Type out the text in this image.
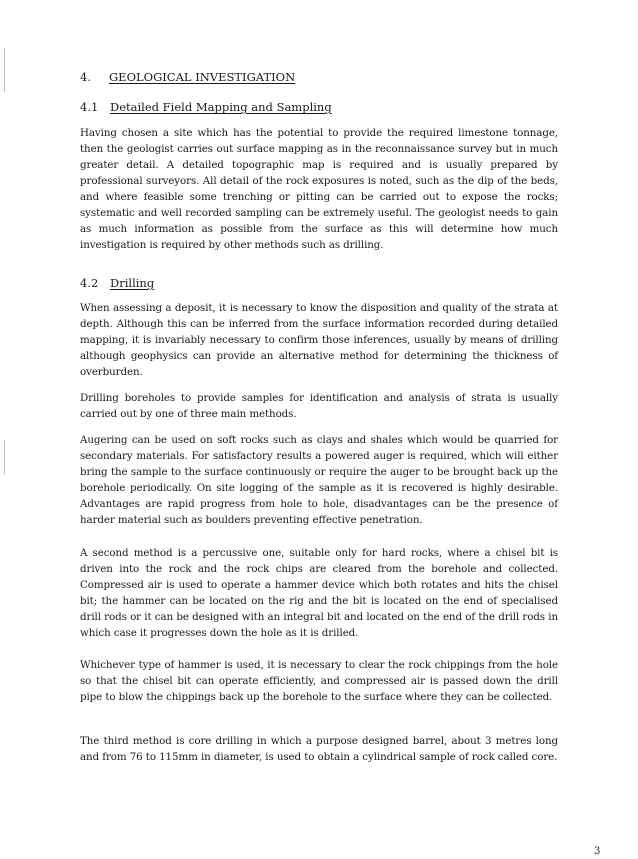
4. GEOLOGICAL INVESTIGATION
4.1 Detailed Field Mapping and Sampling

Having chosen a site which has the potential to provide the required limestone tonnage, then the geologist carries out surface mapping as in the reconnaissance survey but in much greater detail. A detailed topographic map is required and is usually prepared by professional surveyors. All detail of the rock exposures is noted, such as the dip of the beds, and where feasible some trenching or pitting can be carried out to expose the rocks; systematic and well recorded sampling can be extremely useful. The geologist needs to gain as much information as possible from the surface as this will determine how much investigation is required by other methods such as drilling.

4.2 Drilling

When assessing a deposit, it is necessary to know the disposition and quality of the strata at depth. Although this can be inferred from the surface information recorded during detailed mapping, it is invariably necessary to confirm those inferences, usually by means of drilling although geophysics can provide an alternative method for determining the thickness of overburden.

Drilling boreholes to provide samples for identification and analysis of strata is usually carried out by one of three main methods.

Augering can be used on soft rocks such as clays and shales which would be quarried for secondary materials. For satisfactory results a powered auger is required, which will either bring the sample to the surface continuously or require the auger to be brought back up the borehole periodically. On site logging of the sample as it is recovered is highly desirable. Advantages are rapid progress from hole to hole, disadvantages can be the presence of harder material such as boulders preventing effective penetration.

A second method is a percussive one, suitable only for hard rocks, where a chisel bit is driven into the rock and the rock chips are cleared from the borehole and collected. Compressed air is used to operate a hammer device which both rotates and hits the chisel bit; the hammer can be located on the rig and the bit is located on the end of specialised drill rods or it can be designed with an integral bit and located on the end of the drill rods in which case it progresses down the hole as it is drilled.

Whichever type of hammer is used, it is necessary to clear the rock chippings from the hole so that the chisel bit can operate efficiently, and compressed air is passed down the drill pipe to blow the chippings back up the borehole to the surface where they can be collected.

The third method is core drilling in which a purpose designed barrel, about 3 metres long and from 76 to 115mm in diameter, is used to obtain a cylindrical sample of rock called core.

3
